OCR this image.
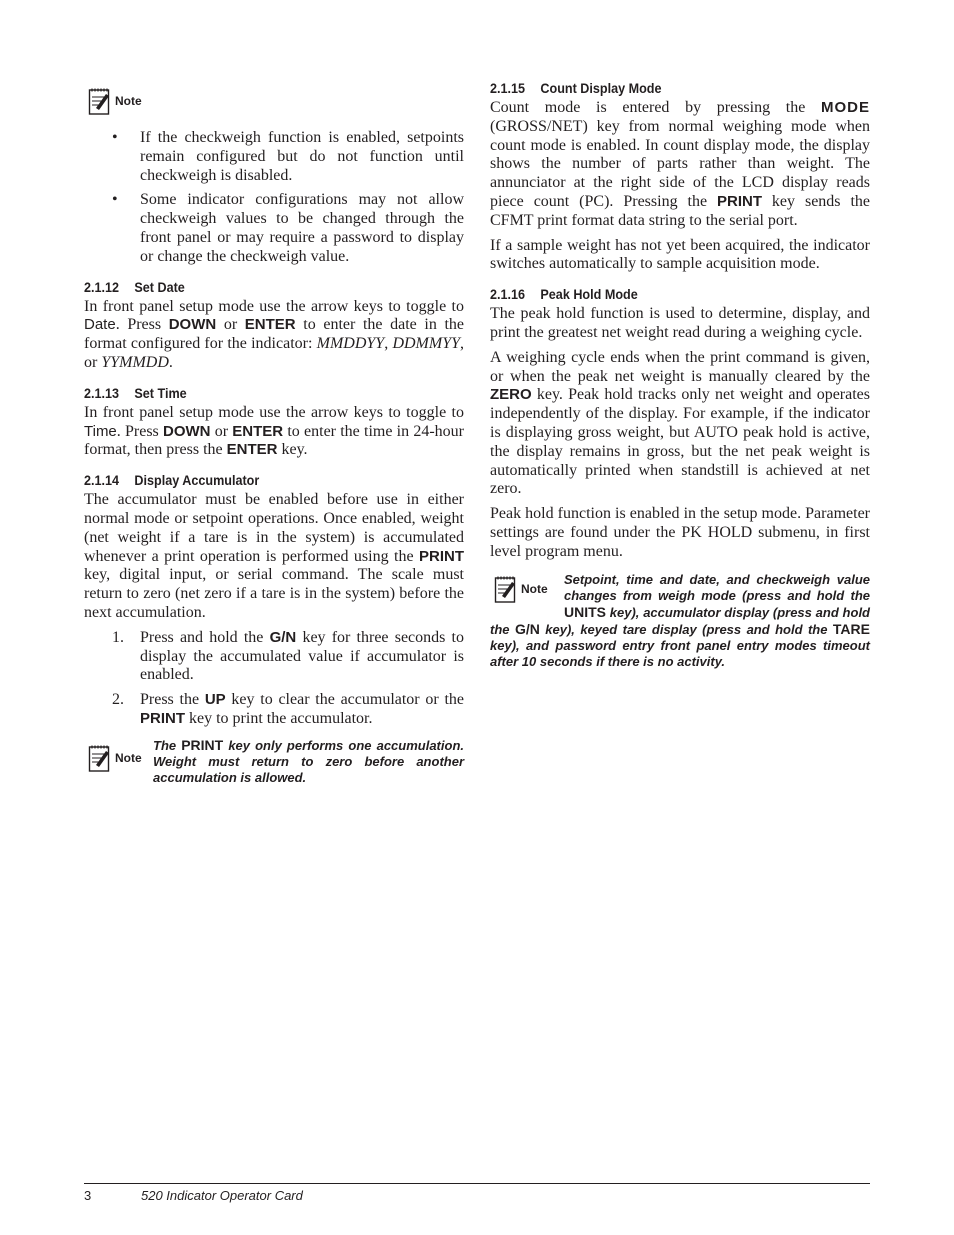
Note
• If the checkweigh function is enabled, setpoints remain configured but do not function until checkweigh is disabled.
• Some indicator configurations may not allow checkweigh values to be changed through the front panel or may require a password to display or change the checkweigh value.
2.1.12 Set Date

In front panel setup mode use the arrow keys to toggle to Date. Press DOWN or ENTER to enter the date in the format configured for the indicator: MMDDYY, DDMMYY, or YYMMDD.

2.1.13 Set Time

In front panel setup mode use the arrow keys to toggle to Time. Press DOWN or ENTER to enter the time in 24-hour format, then press the ENTER key.

2.1.14 Display Accumulator

The accumulator must be enabled before use in either normal mode or setpoint operations. Once enabled, weight (net weight if a tare is in the system) is accumulated whenever a print operation is performed using the PRINT key, digital input, or serial command. The scale must return to zero (net zero if a tare is in the system) before the next accumulation.

1. Press and hold the G/N key for three seconds to display the accumulated value if accumulator is enabled.
2. Press the UP key to clear the accumulator or the PRINT key to print the accumulator.
Note
The PRINT key only performs one accumulation. Weight must return to zero before another accumulation is allowed.
2.1.15 Count Display Mode

Count mode is entered by pressing the MODE (GROSS/NET) key from normal weighing mode when count mode is enabled. In count display mode, the display shows the number of parts rather than weight. The annunciator at the right side of the LCD display reads piece count (PC). Pressing the PRINT key sends the CFMT print format data string to the serial port.

If a sample weight has not yet been acquired, the indicator switches automatically to sample acquisition mode.

2.1.16 Peak Hold Mode

The peak hold function is used to determine, display, and print the greatest net weight read during a weighing cycle.

A weighing cycle ends when the print command is given, or when the peak net weight is manually cleared by the ZERO key. Peak hold tracks only net weight and operates independently of the display. For example, if the indicator is displaying gross weight, but AUTO peak hold is active, the display remains in gross, but the net peak weight is automatically printed when standstill is achieved at net zero.

Peak hold function is enabled in the setup mode. Parameter settings are found under the PK HOLD submenu, in first level program menu.

Note
Setpoint, time and date, and checkweigh value changes from weigh mode (press and hold the UNITS key), accumulator display (press and hold the G/N key), keyed tare display (press and hold the TARE key), and password entry front panel entry modes timeout after 10 seconds if there is no activity.
3	520 Indicator Operator Card
